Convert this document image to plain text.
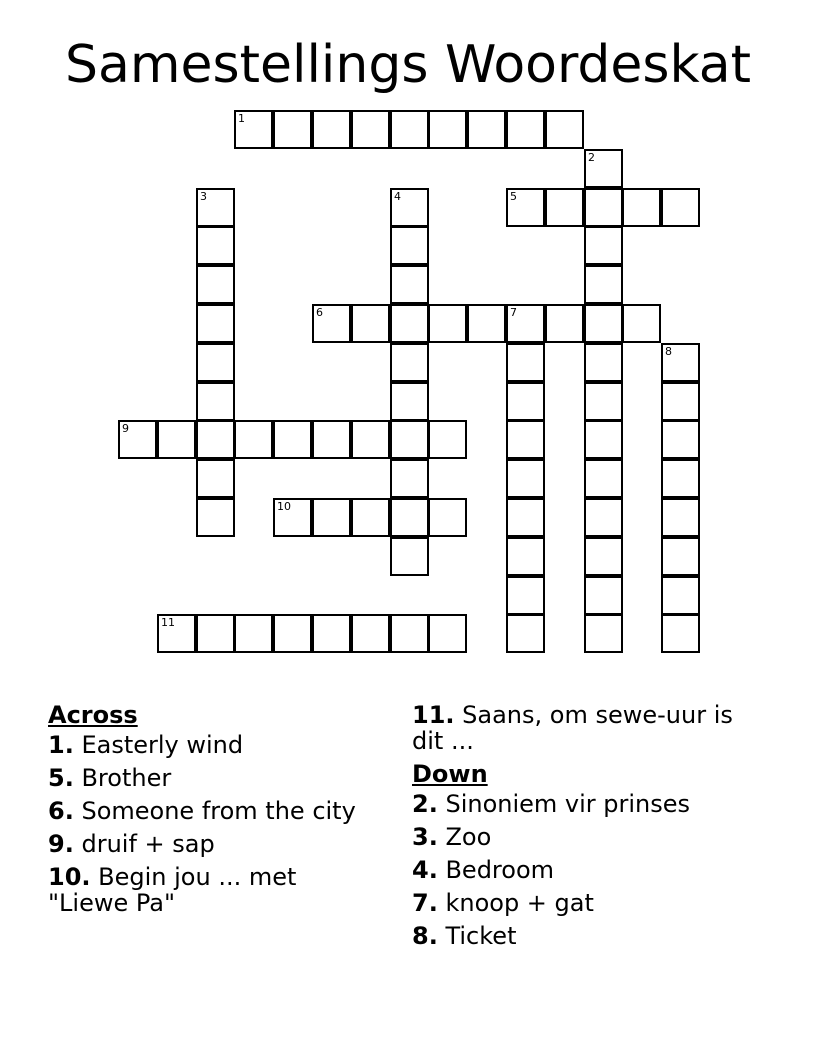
Samestellings Woordeskat
1
2
3	4	5
6	7
8
9
10
11
Across
1. Easterly wind
5. Brother
6. Someone from the city
9. druif + sap
10. Begin jou ... met "Liewe Pa"
11. Saans, om sewe-uur is dit ...
Down
2. Sinoniem vir prinses
3. Zoo
4. Bedroom
7. knoop + gat
8. Ticket
